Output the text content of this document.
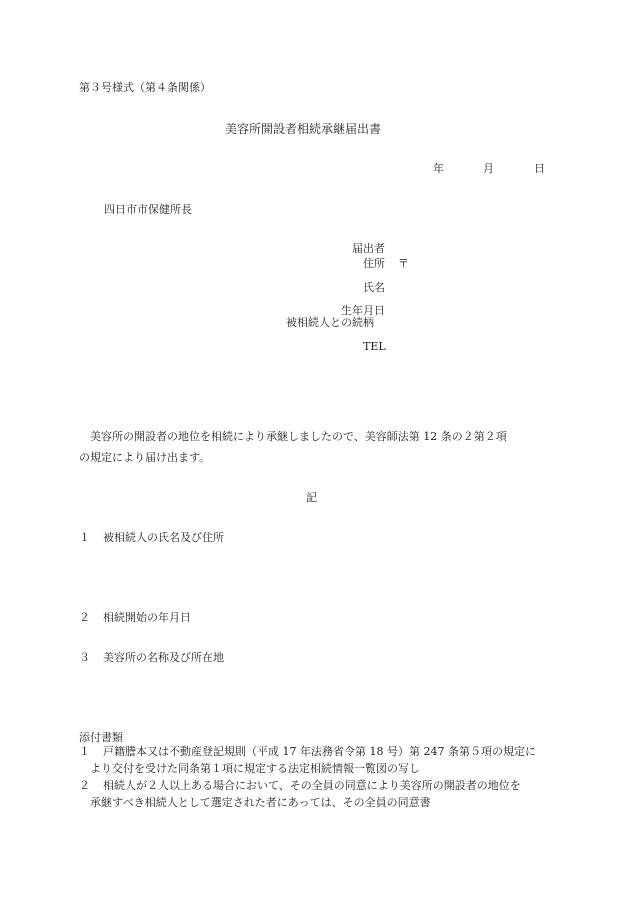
第３号様式（第４条関係）
美容所開設者相続承継届出書
年	月	日
四日市市保健所長
届出者
住所 〒
氏名
生年月日
被相続人との続柄
TEL
美容所の開設者の地位を相続により承継しましたので、美容師法第 12 条の２第２項
の規定により届け出ます。
記
１ 被相続人の氏名及び住所
２ 相続開始の年月日
３ 美容所の名称及び所在地
添付書類
１ 戸籍謄本又は不動産登記規則（平成 17 年法務省令第 18 号）第 247 条第５項の規定に
より交付を受けた同条第１項に規定する法定相続情報一覧図の写し
２ 相続人が２人以上ある場合において、その全員の同意により美容所の開設者の地位を
承継すべき相続人として選定された者にあっては、その全員の同意書
